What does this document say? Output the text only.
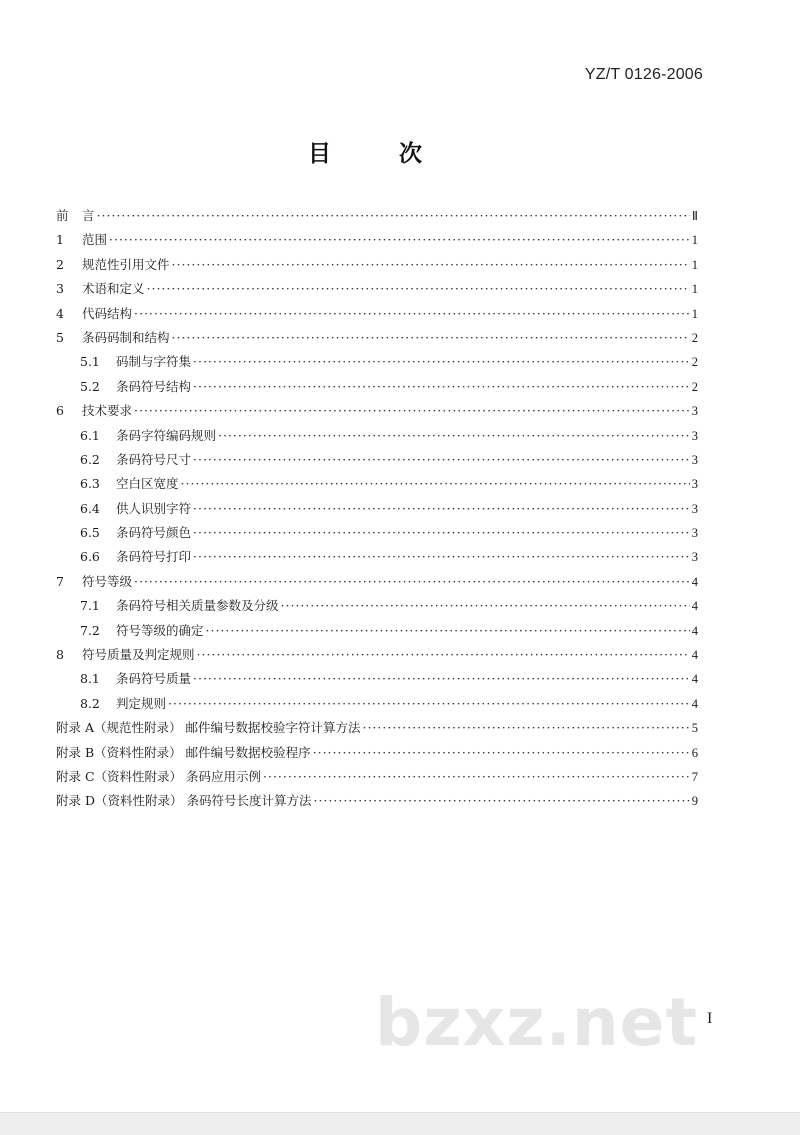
YZ/T 0126-2006
目 次
前	言 ·····	Ⅱ
1	范围 ·····	1
2	规范性引用文件 ·····	1
3	术语和定义 ·····	1
4	代码结构 ·····	1
5	条码码制和结构 ·····	2
5.1	码制与字符集 ·····	2
5.2	条码符号结构 ·····	2
6	技术要求 ·····	3
6.1	条码字符编码规则 ·····	3
6.2	条码符号尺寸 ·····	3
6.3	空白区宽度 ·····	3
6.4	供人识别字符 ·····	3
6.5	条码符号颜色 ·····	3
6.6	条码符号打印 ·····	3
7	符号等级 ·····	4
7.1	条码符号相关质量参数及分级 ·····	4
7.2	符号等级的确定 ·····	4
8	符号质量及判定规则 ·····	4
8.1	条码符号质量 ·····	4
8.2	判定规则 ·····	4
附录 A（规范性附录） 邮件编号数据校验字符计算方法 ·····	5
附录 B（资料性附录） 邮件编号数据校验程序 ·····	6
附录 C（资料性附录） 条码应用示例 ·····	7
附录 D（资料性附录） 条码符号长度计算方法 ·····	9
bzxz.net I
